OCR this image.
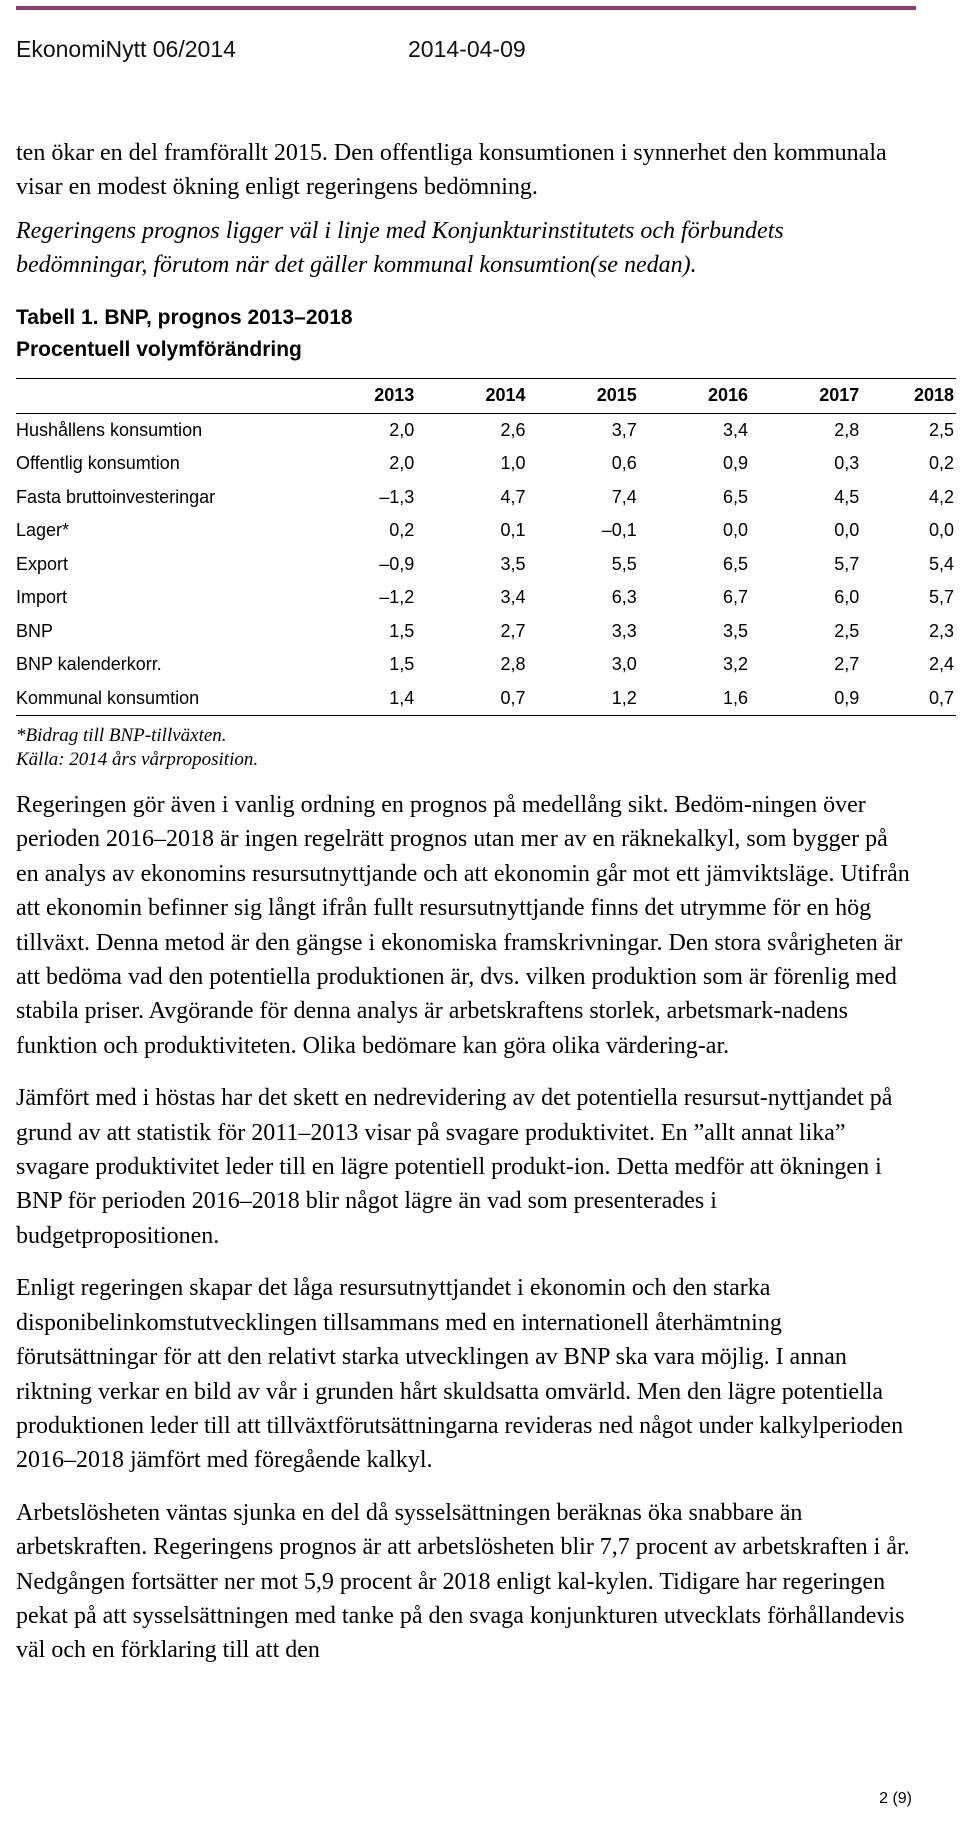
EkonomiNytt 06/2014	2014-04-09

ten ökar en del framförallt 2015. Den offentliga konsumtionen i synnerhet den kommunala visar en modest ökning enligt regeringens bedömning.

Regeringens prognos ligger väl i linje med Konjunkturinstitutets och förbundets bedömningar, förutom när det gäller kommunal konsumtion(se nedan).

Tabell 1. BNP, prognos 2013–2018
Procentuell volymförändring
	2013	2014	2015	2016	2017	2018
Hushållens konsumtion	2,0	2,6	3,7	3,4	2,8	2,5
Offentlig konsumtion	2,0	1,0	0,6	0,9	0,3	0,2
Fasta bruttoinvesteringar	–1,3	4,7	7,4	6,5	4,5	4,2
Lager*	0,2	0,1	–0,1	0,0	0,0	0,0
Export	–0,9	3,5	5,5	6,5	5,7	5,4
Import	–1,2	3,4	6,3	6,7	6,0	5,7
BNP	1,5	2,7	3,3	3,5	2,5	2,3
BNP kalenderkorr.	1,5	2,8	3,0	3,2	2,7	2,4
Kommunal konsumtion	1,4	0,7	1,2	1,6	0,9	0,7
*Bidrag till BNP-tillväxten.
Källa: 2014 års vårproposition.

Regeringen gör även i vanlig ordning en prognos på medellång sikt. Bedöm-ningen över perioden 2016–2018 är ingen regelrätt prognos utan mer av en räknekalkyl, som bygger på en analys av ekonomins resursutnyttjande och att ekonomin går mot ett jämviktsläge. Utifrån att ekonomin befinner sig långt ifrån fullt resursutnyttjande finns det utrymme för en hög tillväxt. Denna metod är den gängse i ekonomiska framskrivningar. Den stora svårigheten är att bedöma vad den potentiella produktionen är, dvs. vilken produktion som är förenlig med stabila priser. Avgörande för denna analys är arbetskraftens storlek, arbetsmark-nadens funktion och produktiviteten. Olika bedömare kan göra olika värdering-ar.

Jämfört med i höstas har det skett en nedrevidering av det potentiella resursut-nyttjandet på grund av att statistik för 2011–2013 visar på svagare produktivitet. En ”allt annat lika” svagare produktivitet leder till en lägre potentiell produkt-ion. Detta medför att ökningen i BNP för perioden 2016–2018 blir något lägre än vad som presenterades i budgetpropositionen.

Enligt regeringen skapar det låga resursutnyttjandet i ekonomin och den starka disponibelinkomstutvecklingen tillsammans med en internationell återhämtning förutsättningar för att den relativt starka utvecklingen av BNP ska vara möjlig. I annan riktning verkar en bild av vår i grunden hårt skuldsatta omvärld. Men den lägre potentiella produktionen leder till att tillväxtförutsättningarna revideras ned något under kalkylperioden 2016–2018 jämfört med föregående kalkyl.

Arbetslösheten väntas sjunka en del då sysselsättningen beräknas öka snabbare än arbetskraften. Regeringens prognos är att arbetslösheten blir 7,7 procent av arbetskraften i år. Nedgången fortsätter ner mot 5,9 procent år 2018 enligt kal-kylen. Tidigare har regeringen pekat på att sysselsättningen med tanke på den svaga konjunkturen utvecklats förhållandevis väl och en förklaring till att den

2 (9)
